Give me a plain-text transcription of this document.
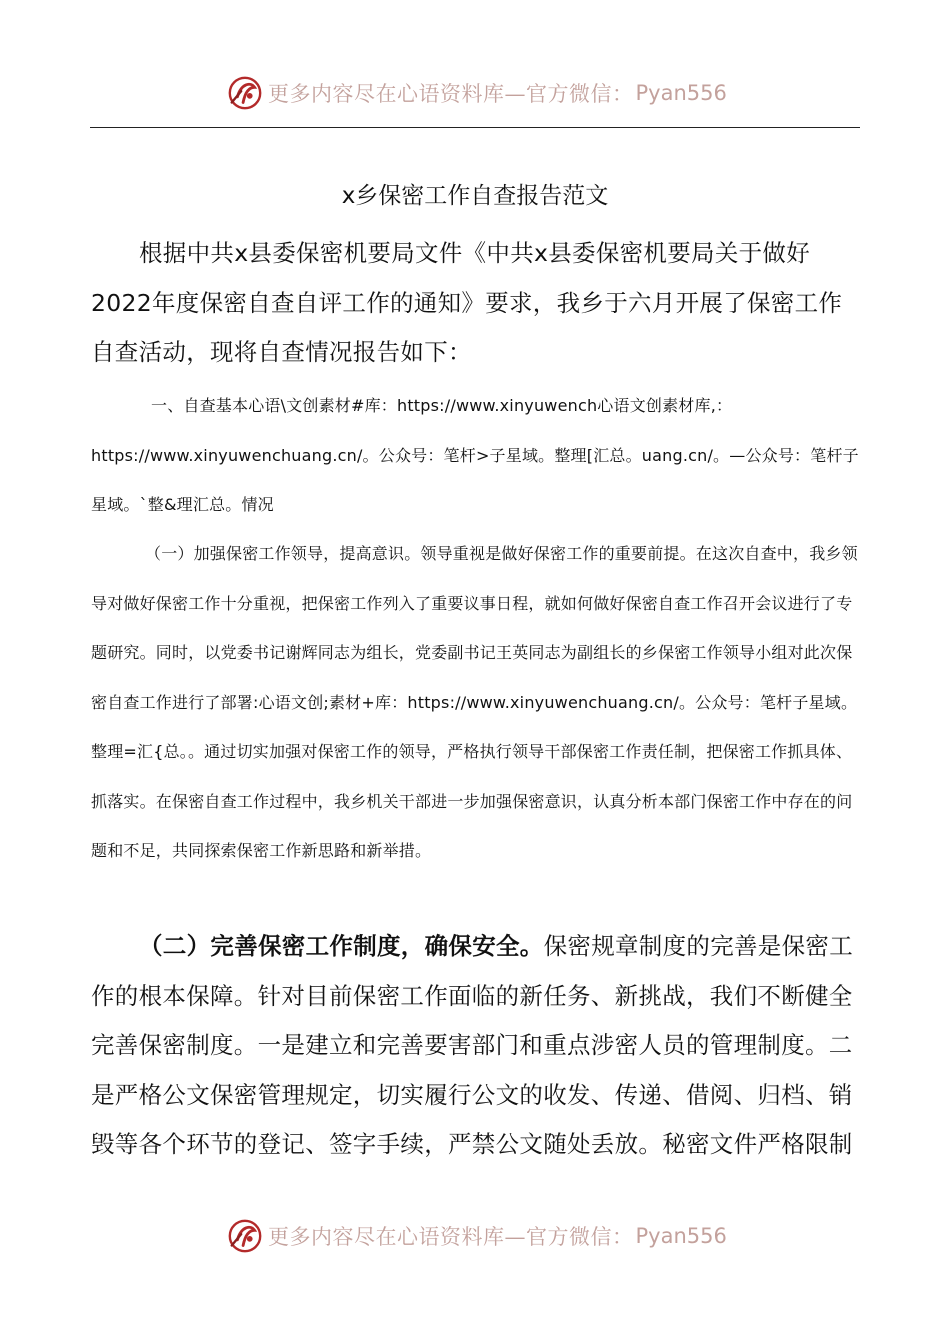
更多内容尽在心语资料库—官方微信： Pyan556
x乡保密工作自查报告范文

根据中共x县委保密机要局文件《中共x县委保密机要局关于做好2022年度保密自查自评工作的通知》要求，我乡于六月开展了保密工作自查活动，现将自查情况报告如下：

一、自查基本心语\文创素材#库：https://www.xinyuwench心语文创素材库,：https://www.xinyuwenchuang.cn/。公众号：笔杆>子星域。整理[汇总。uang.cn/。—公众号：笔杆子星域。`整&理汇总。情况

（一）加强保密工作领导，提高意识。领导重视是做好保密工作的重要前提。在这次自查中，我乡领导对做好保密工作十分重视，把保密工作列入了重要议事日程，就如何做好保密自查工作召开会议进行了专题研究。同时，以党委书记谢辉同志为组长，党委副书记王英同志为副组长的乡保密工作领导小组对此次保密自查工作进行了部署:心语文创;素材+库：https://www.xinyuwenchuang.cn/。公众号：笔杆子星域。整理=汇{总。。通过切实加强对保密工作的领导，严格执行领导干部保密工作责任制，把保密工作抓具体、抓落实。在保密自查工作过程中，我乡机关干部进一步加强保密意识，认真分析本部门保密工作中存在的问题和不足，共同探索保密工作新思路和新举措。

（二）完善保密工作制度，确保安全。保密规章制度的完善是保密工作的根本保障。针对目前保密工作面临的新任务、新挑战，我们不断健全完善保密制度。一是建立和完善要害部门和重点涉密人员的管理制度。二是严格公文保密管理规定，切实履行公文的收发、传递、借阅、归档、销毁等各个环节的登记、签字手续，严禁公文随处丢放。秘密文件严格限制

更多内容尽在心语资料库—官方微信： Pyan556
